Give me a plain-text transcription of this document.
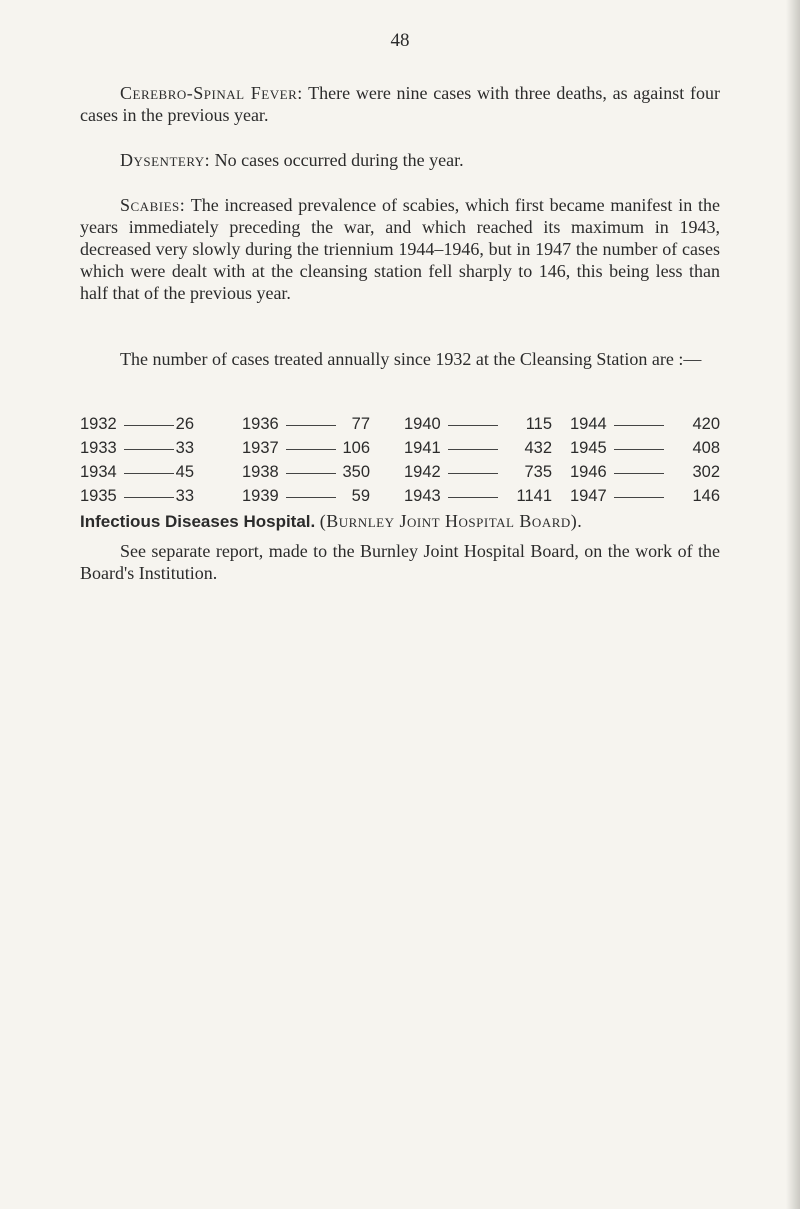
48

Cerebro-Spinal Fever: There were nine cases with three deaths, as against four cases in the previous year.

Dysentery: No cases occurred during the year.

Scabies: The increased prevalence of scabies, which first became manifest in the years immediately preceding the war, and which reached its maximum in 1943, decreased very slowly during the triennium 1944–1946, but in 1947 the number of cases which were dealt with at the cleansing station fell sharply to 146, this being less than half that of the previous year.

The number of cases treated annually since 1932 at the Cleansing Station are :—

1932	26	1936	77 1940	115 1944	420
1933	33	1937	106 1941	432 1945	408
1934	45	1938	350 1942	735 1946	302
1935	33	1939	59 1943	1141 1947	146

Infectious Diseases Hospital. (Burnley Joint Hospital Board).

See separate report, made to the Burnley Joint Hospital Board, on the work of the Board's Institution.
